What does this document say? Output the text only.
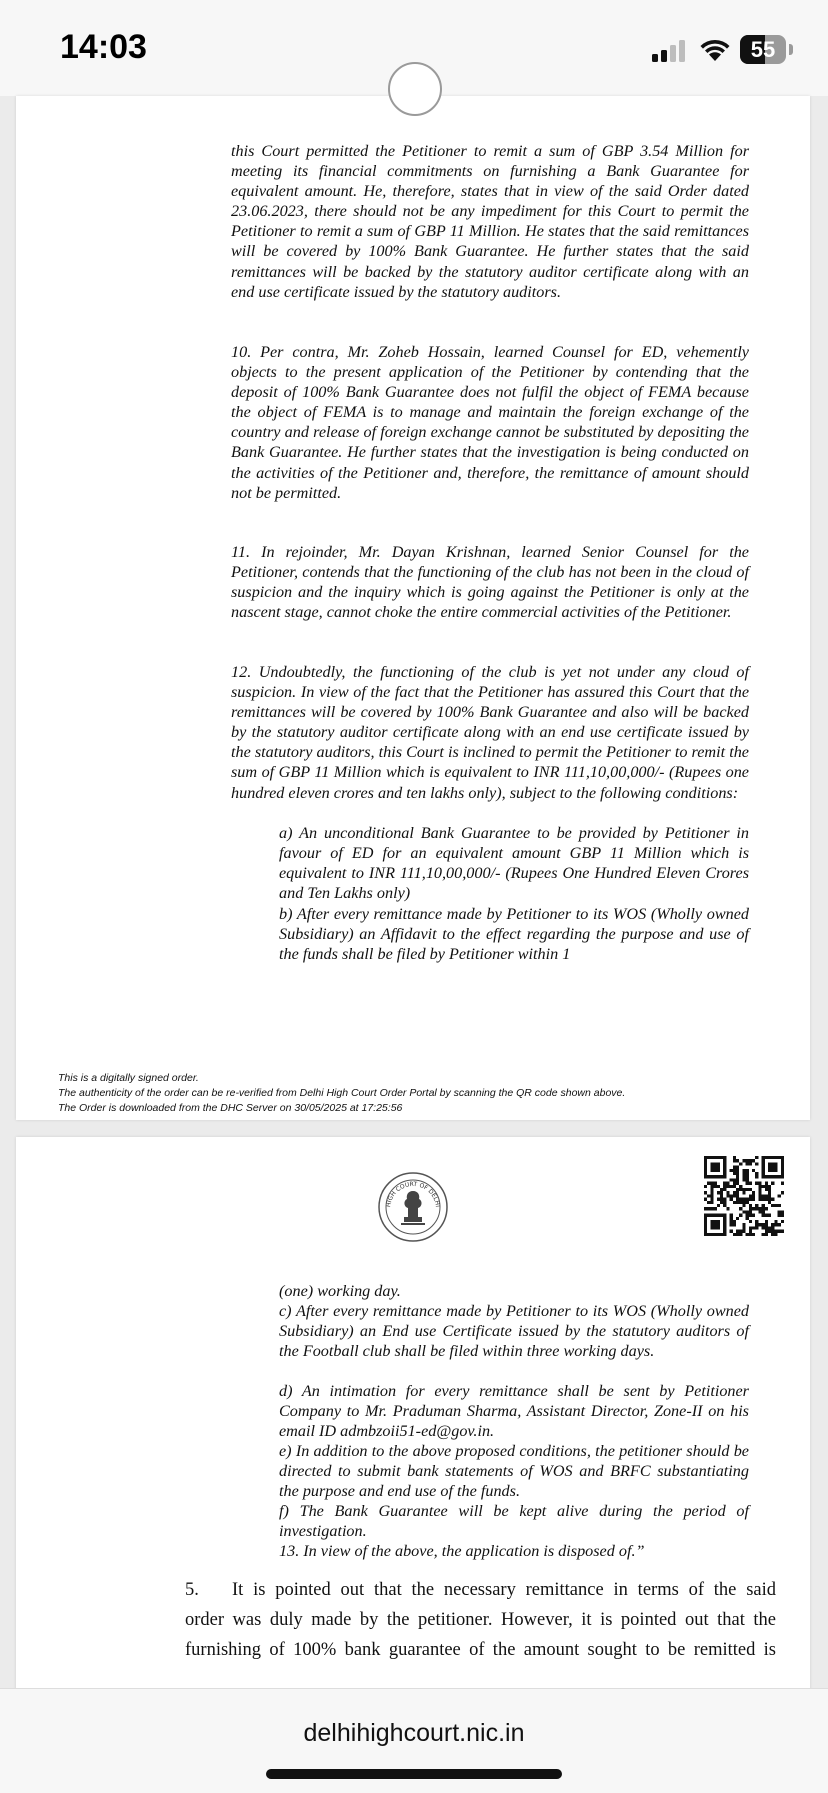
14:03	55

this Court permitted the Petitioner to remit a sum of GBP 3.54 Million for meeting its financial commitments on furnishing a Bank Guarantee for equivalent amount. He, therefore, states that in view of the said Order dated 23.06.2023, there should not be any impediment for this Court to permit the Petitioner to remit a sum of GBP 11 Million. He states that the said remittances will be covered by 100% Bank Guarantee. He further states that the said remittances will be backed by the statutory auditor certificate along with an end use certificate issued by the statutory auditors.

10. Per contra, Mr. Zoheb Hossain, learned Counsel for ED, vehemently objects to the present application of the Petitioner by contending that the deposit of 100% Bank Guarantee does not fulfil the object of FEMA because the object of FEMA is to manage and maintain the foreign exchange of the country and release of foreign exchange cannot be substituted by depositing the Bank Guarantee. He further states that the investigation is being conducted on the activities of the Petitioner and, therefore, the remittance of amount should not be permitted.

11. In rejoinder, Mr. Dayan Krishnan, learned Senior Counsel for the Petitioner, contends that the functioning of the club has not been in the cloud of suspicion and the inquiry which is going against the Petitioner is only at the nascent stage, cannot choke the entire commercial activities of the Petitioner.

12. Undoubtedly, the functioning of the club is yet not under any cloud of suspicion. In view of the fact that the Petitioner has assured this Court that the remittances will be covered by 100% Bank Guarantee and also will be backed by the statutory auditor certificate along with an end use certificate issued by the statutory auditors, this Court is inclined to permit the Petitioner to remit the sum of GBP 11 Million which is equivalent to INR 111,10,00,000/- (Rupees one hundred eleven crores and ten lakhs only), subject to the following conditions:

a) An unconditional Bank Guarantee to be provided by Petitioner in favour of ED for an equivalent amount GBP 11 Million which is equivalent to INR 111,10,00,000/- (Rupees One Hundred Eleven Crores and Ten Lakhs only)

b) After every remittance made by Petitioner to its WOS (Wholly owned Subsidiary) an Affidavit to the effect regarding the purpose and use of the funds shall be filed by Petitioner within 1

This is a digitally signed order.
The authenticity of the order can be re-verified from Delhi High Court Order Portal by scanning the QR code shown above.
The Order is downloaded from the DHC Server on 30/05/2025 at 17:25:56
HIGH COURT OF DELHI

(one) working day.

c) After every remittance made by Petitioner to its WOS (Wholly owned Subsidiary) an End use Certificate issued by the statutory auditors of the Football club shall be filed within three working days.

d) An intimation for every remittance shall be sent by Petitioner Company to Mr. Praduman Sharma, Assistant Director, Zone-II on his email ID admbzoii51-ed@gov.in.

e) In addition to the above proposed conditions, the petitioner should be directed to submit bank statements of WOS and BRFC substantiating the purpose and end use of the funds.

f) The Bank Guarantee will be kept alive during the period of investigation.

13. In view of the above, the application is disposed of.”

5. It is pointed out that the necessary remittance in terms of the said
order was duly made by the petitioner. However, it is pointed out that the
furnishing of 100% bank guarantee of the amount sought to be remitted is
delhihighcourt.nic.in
